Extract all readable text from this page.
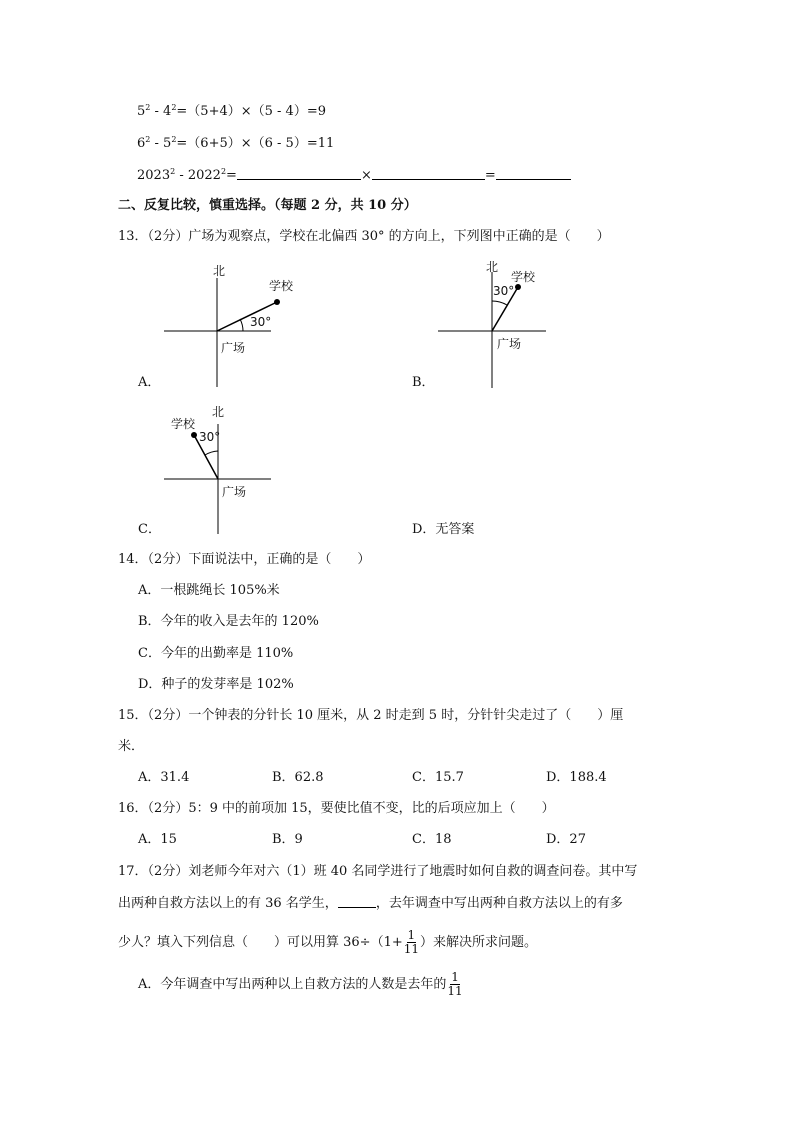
$5^2 - 4^2=(5+4)\times(5 - 4)=9$
$6^2 - 5^2=(6+5)\times(6 - 5)=11$
$2023^2 - 2022^2=$	×	=
二、反复比较，慎重选择。（每题 2 分，共 10 分）
13．（2分）广场为观察点，学校在北偏西 30° 的方向上，下列图中正确的是（　　）
北
学校
30°
广场
A．
北
学校
30°
广场
B．
北
学校
30°
广场
C．	D．无答案
14．（2分）下面说法中，正确的是（　　）
A．一根跳绳长 105%米
B．今年的收入是去年的 120%
C．今年的出勤率是 110%
D．种子的发芽率是 102%
15．（2分）一个钟表的分针长 10 厘米，从 2 时走到 5 时，分针针尖走过了（　　）厘
米．
A．31.4	B．62.8	C．15.7	D．188.4
16．（2分）5：9 中的前项加 15，要使比值不变，比的后项应加上（　　）
A．15	B．9	C．18	D．27
17．（2分）刘老师今年对六（1）班 40 名同学进行了地震时如何自救的调查问卷。其中写
出两种自救方法以上的有 36 名学生，	，去年调查中写出两种自救方法以上的有多
少人？填入下列信息（　　）可以用算 $36\div(1+ \frac{1}{11}$ ）来解决所求问题。
A．今年调查中写出两种以上自救方法的人数是去年的 $\frac{1}{11}$
